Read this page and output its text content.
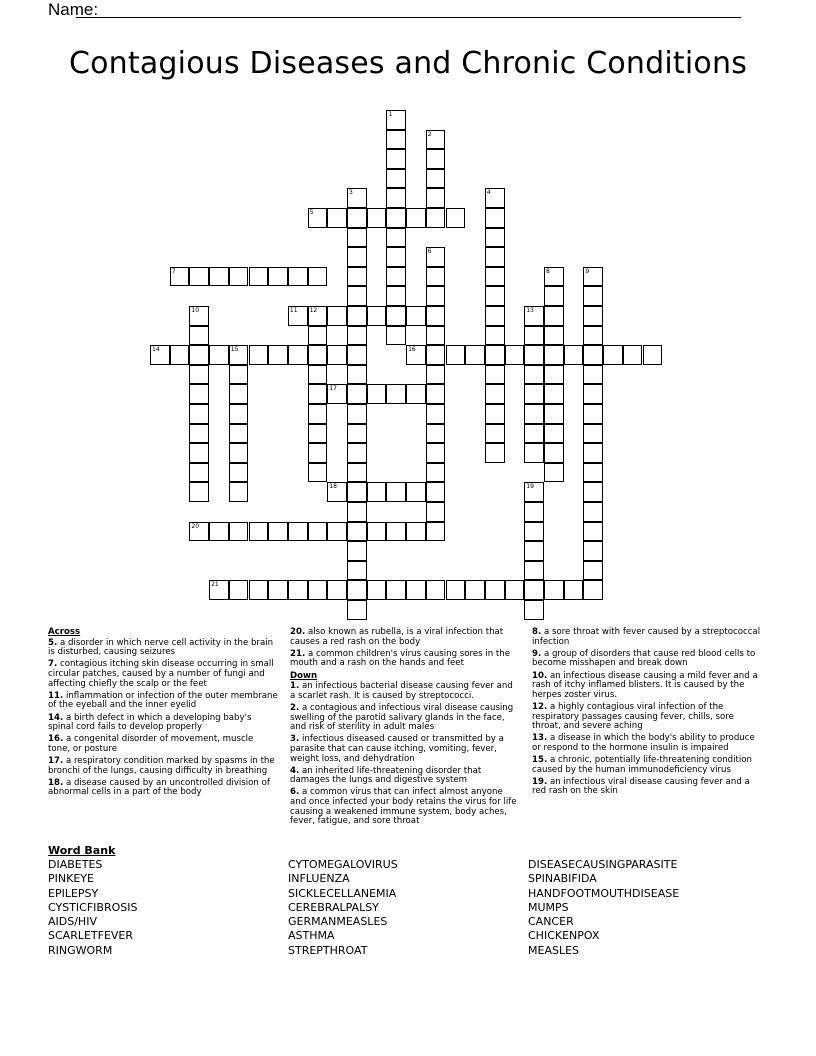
Name:
Contagious Diseases and Chronic Conditions
1
2
3	4
5
6
7	8	9
10	11 12	13
14	15	16
17
18	19
20
21
Across
5. a disorder in which nerve cell activity in the brain is disturbed, causing seizures
7. contagious itching skin disease occurring in small circular patches, caused by a number of fungi and affecting chiefly the scalp or the feet
11. inflammation or infection of the outer membrane of the eyeball and the inner eyelid
14. a birth defect in which a developing baby's spinal cord fails to develop properly
16. a congenital disorder of movement, muscle tone, or posture
17. a respiratory condition marked by spasms in the bronchi of the lungs, causing difficulty in breathing
18. a disease caused by an uncontrolled division of abnormal cells in a part of the body
20. also known as rubella, is a viral infection that causes a red rash on the body
21. a common children's virus causing sores in the mouth and a rash on the hands and feet
Down
1. an infectious bacterial disease causing fever and a scarlet rash. It is caused by streptococci.
2. a contagious and infectious viral disease causing swelling of the parotid salivary glands in the face, and risk of sterility in adult males
3. infectious diseased caused or transmitted by a parasite that can cause itching, vomiting, fever, weight loss, and dehydration
4. an inherited life-threatening disorder that damages the lungs and digestive system
6. a common virus that can infect almost anyone and once infected your body retains the virus for life causing a weakened immune system, body aches, fever, fatigue, and sore throat
8. a sore throat with fever caused by a streptococcal infection
9. a group of disorders that cause red blood cells to become misshapen and break down
10. an infectious disease causing a mild fever and a rash of itchy inflamed blisters. It is caused by the herpes zoster virus.
12. a highly contagious viral infection of the respiratory passages causing fever, chills, sore throat, and severe aching
13. a disease in which the body's ability to produce or respond to the hormone insulin is impaired
15. a chronic, potentially life-threatening condition caused by the human immunodeficiency virus
19. an infectious viral disease causing fever and a red rash on the skin
Word Bank
DIABETES
PINKEYE
EPILEPSY
CYSTICFIBROSIS
AIDS/HIV
SCARLETFEVER
RINGWORM
CYTOMEGALOVIRUS
INFLUENZA
SICKLECELLANEMIA
CEREBRALPALSY
GERMANMEASLES
ASTHMA
STREPTHROAT
DISEASECAUSINGPARASITE
SPINABIFIDA
HANDFOOTMOUTHDISEASE
MUMPS
CANCER
CHICKENPOX
MEASLES
